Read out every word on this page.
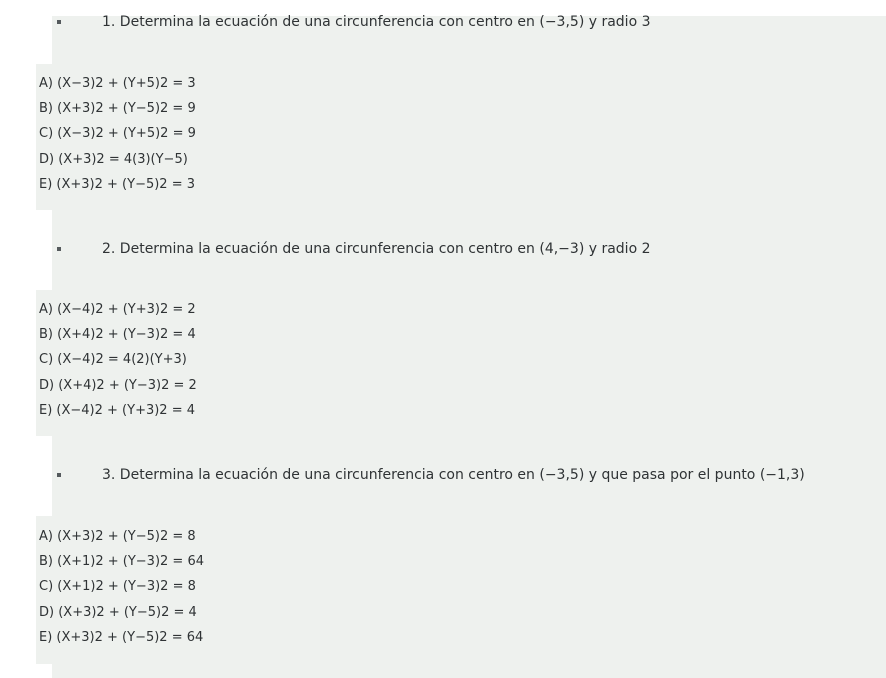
1. Determina la ecuación de una circunferencia con centro en (−3,5) y radio 3
A) (X−3)2 + (Y+5)2 = 3
B) (X+3)2 + (Y−5)2 = 9
C) (X−3)2 + (Y+5)2 = 9
D) (X+3)2 = 4(3)(Y−5)
E) (X+3)2 + (Y−5)2 = 3
2. Determina la ecuación de una circunferencia con centro en (4,−3) y radio 2
A) (X−4)2 + (Y+3)2 = 2
B) (X+4)2 + (Y−3)2 = 4
C) (X−4)2 = 4(2)(Y+3)
D) (X+4)2 + (Y−3)2 = 2
E) (X−4)2 + (Y+3)2 = 4
3. Determina la ecuación de una circunferencia con centro en (−3,5) y que pasa por el punto (−1,3)
A) (X+3)2 + (Y−5)2 = 8
B) (X+1)2 + (Y−3)2 = 64
C) (X+1)2 + (Y−3)2 = 8
D) (X+3)2 + (Y−5)2 = 4
E) (X+3)2 + (Y−5)2 = 64
